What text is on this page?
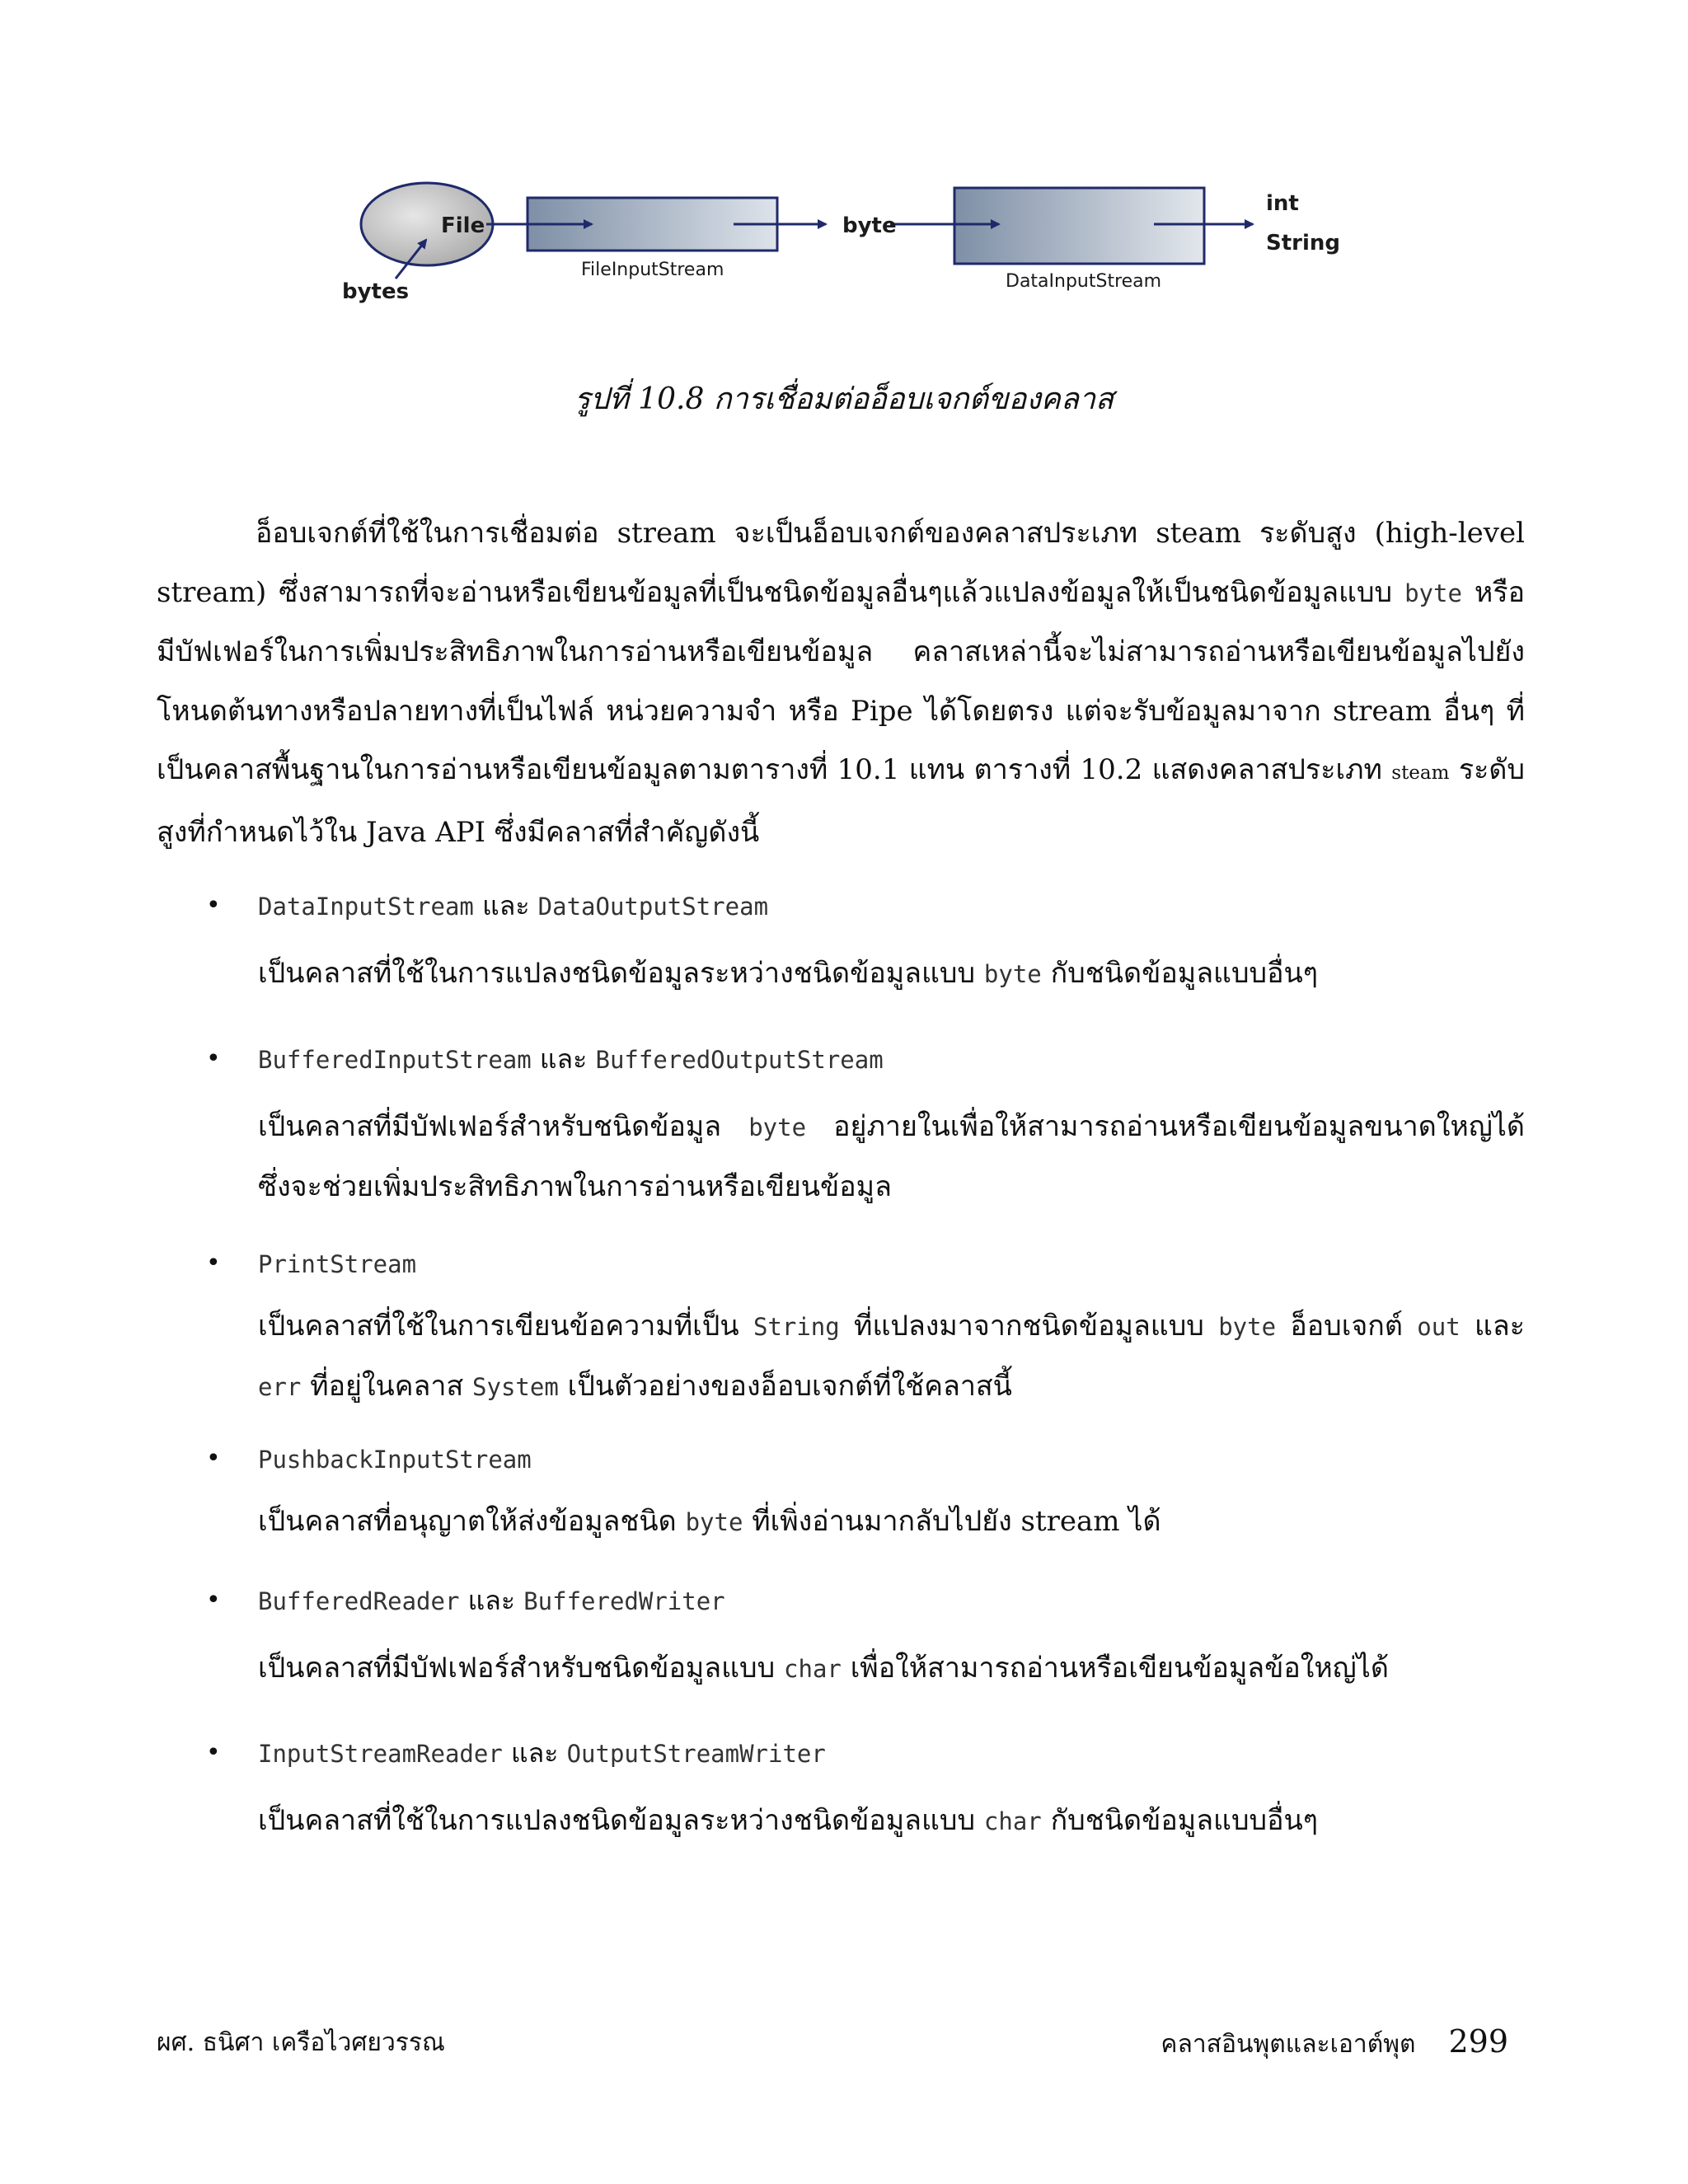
File
bytes
byte
int
String
FileInputStream
DataInputStream
รูปที่ 10.8 การเชื่อมต่ออ็อบเจกต์ของคลาส
อ็อบเจกต์ที่ใช้ในการเชื่อมต่อ stream จะเป็นอ็อบเจกต์ของคลาสประเภท steam ระดับสูง (high-level stream) ซึ่งสามารถที่จะอ่านหรือเขียนข้อมูลที่เป็นชนิดข้อมูลอื่นๆแล้วแปลงข้อมูลให้เป็นชนิดข้อมูลแบบ byte หรือมีบัฟเฟอร์ในการเพิ่มประสิทธิภาพในการอ่านหรือเขียนข้อมูล คลาสเหล่านี้จะไม่สามารถอ่านหรือเขียนข้อมูลไปยังโหนดต้นทางหรือปลายทางที่เป็นไฟล์ หน่วยความจำ หรือ Pipe ได้โดยตรง แต่จะรับข้อมูลมาจาก stream อื่นๆ ที่เป็นคลาสพื้นฐานในการอ่านหรือเขียนข้อมูลตามตารางที่ 10.1 แทน ตารางที่ 10.2 แสดงคลาสประเภท steam ระดับสูงที่กำหนดไว้ใน Java API ซึ่งมีคลาสที่สำคัญดังนี้
• DataInputStream และ DataOutputStream
เป็นคลาสที่ใช้ในการแปลงชนิดข้อมูลระหว่างชนิดข้อมูลแบบ byte กับชนิดข้อมูลแบบอื่นๆ
• BufferedInputStream และ BufferedOutputStream
เป็นคลาสที่มีบัฟเฟอร์สำหรับชนิดข้อมูล byte อยู่ภายในเพื่อให้สามารถอ่านหรือเขียนข้อมูลขนาดใหญ่ได้ ซึ่งจะช่วยเพิ่มประสิทธิภาพในการอ่านหรือเขียนข้อมูล
• PrintStream
เป็นคลาสที่ใช้ในการเขียนข้อความที่เป็น String ที่แปลงมาจากชนิดข้อมูลแบบ byte อ็อบเจกต์ out และ err ที่อยู่ในคลาส System เป็นตัวอย่างของอ็อบเจกต์ที่ใช้คลาสนี้
• PushbackInputStream
เป็นคลาสที่อนุญาตให้ส่งข้อมูลชนิด byte ที่เพิ่งอ่านมากลับไปยัง stream ได้
• BufferedReader และ BufferedWriter
เป็นคลาสที่มีบัฟเฟอร์สำหรับชนิดข้อมูลแบบ char เพื่อให้สามารถอ่านหรือเขียนข้อมูลข้อใหญ่ได้
• InputStreamReader และ OutputStreamWriter
เป็นคลาสที่ใช้ในการแปลงชนิดข้อมูลระหว่างชนิดข้อมูลแบบ char กับชนิดข้อมูลแบบอื่นๆ
ผศ. ธนิศา เครือไวศยวรรณ	คลาสอินพุตและเอาต์พุต 299
